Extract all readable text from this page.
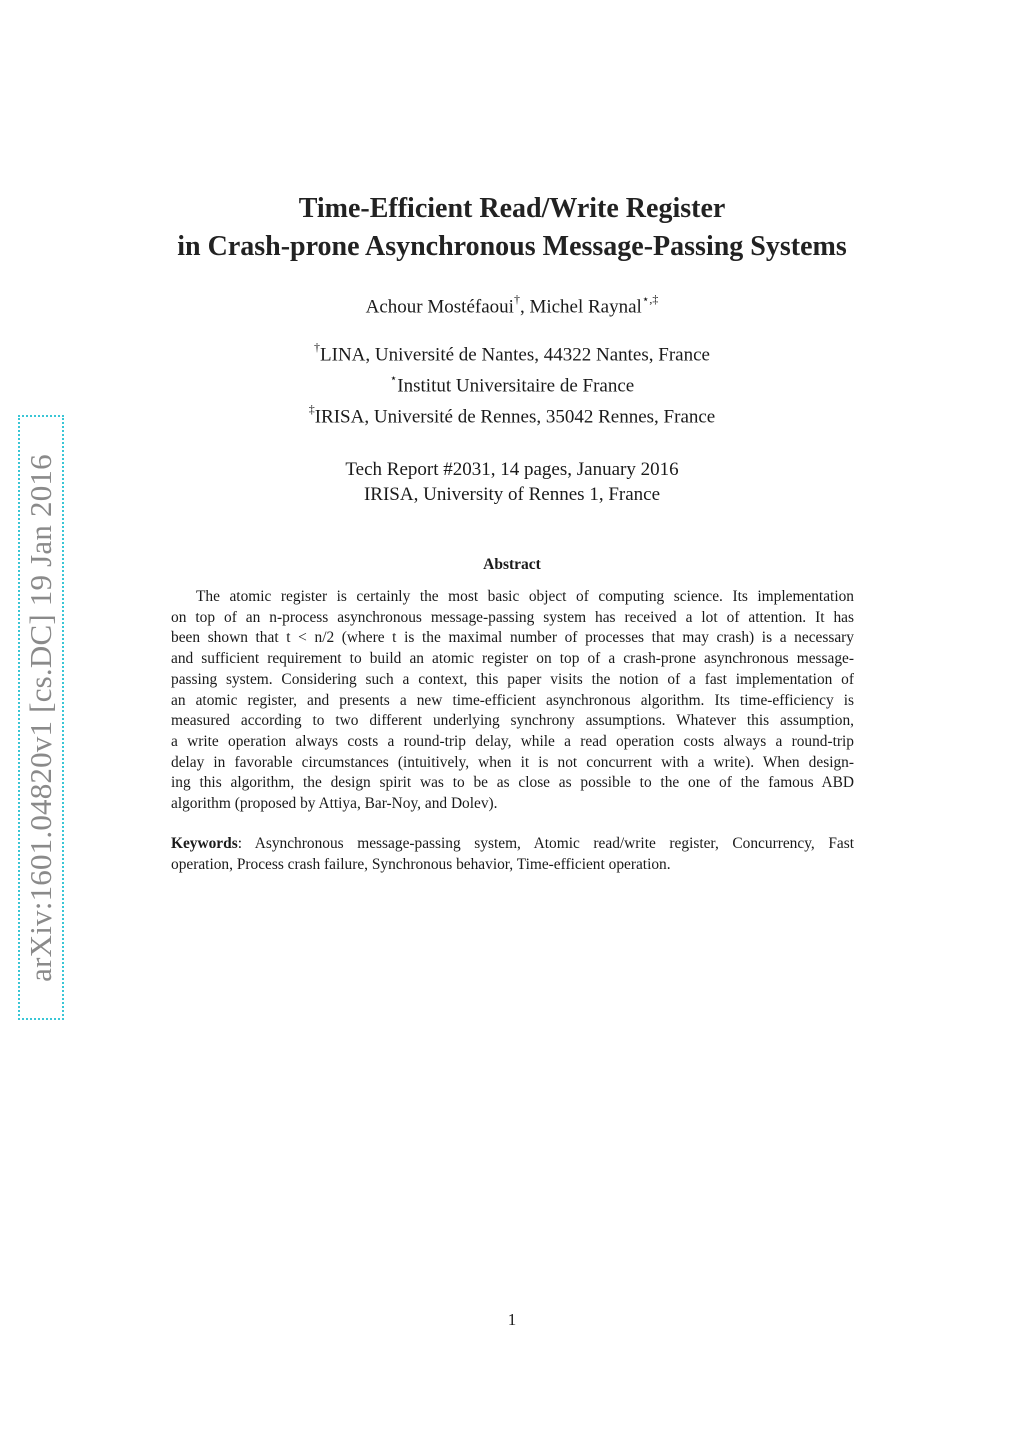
arXiv:1601.04820v1 [cs.DC] 19 Jan 2016
Time-Efficient Read/Write Register
in Crash-prone Asynchronous Message-Passing Systems
Achour Mostéfaoui†, Michel Raynal⋆,‡
†LINA, Université de Nantes, 44322 Nantes, France
⋆Institut Universitaire de France
‡IRISA, Université de Rennes, 35042 Rennes, France
Tech Report #2031, 14 pages, January 2016
IRISA, University of Rennes 1, France
Abstract
The atomic register is certainly the most basic object of computing science. Its implementation
on top of an n-process asynchronous message-passing system has received a lot of attention. It has
been shown that t < n/2 (where t is the maximal number of processes that may crash) is a necessary
and sufficient requirement to build an atomic register on top of a crash-prone asynchronous message-
passing system. Considering such a context, this paper visits the notion of a fast implementation of
an atomic register, and presents a new time-efficient asynchronous algorithm. Its time-efficiency is
measured according to two different underlying synchrony assumptions. Whatever this assumption,
a write operation always costs a round-trip delay, while a read operation costs always a round-trip
delay in favorable circumstances (intuitively, when it is not concurrent with a write). When design-
ing this algorithm, the design spirit was to be as close as possible to the one of the famous ABD
algorithm (proposed by Attiya, Bar-Noy, and Dolev).
Keywords: Asynchronous message-passing system, Atomic read/write register, Concurrency, Fast
operation, Process crash failure, Synchronous behavior, Time-efficient operation.
1
